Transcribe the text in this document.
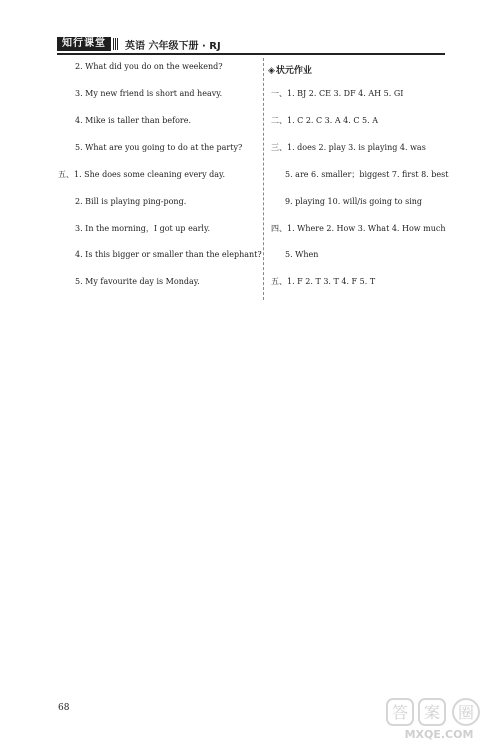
知行课堂	英语 六年级下册 · RJ
2. What did you do on the weekend?
3. My new friend is short and heavy.
4. Mike is taller than before.
5. What are you going to do at the party?
五、1. She does some cleaning every day.
2. Bill is playing ping-pong.
3. In the morning，I got up early.
4. Is this bigger or smaller than the elephant?
5. My favourite day is Monday.
◈状元作业
一、1. BJ 2. CE 3. DF 4. AH 5. GI
二、1. C 2. C 3. A 4. C 5. A
三、1. does 2. play 3. is playing 4. was
5. are 6. smaller；biggest 7. first 8. best
9. playing 10. will/is going to sing
四、1. Where 2. How 3. What 4. How much
5. When
五、1. F 2. T 3. T 4. F 5. T
68	答 案 圈
MXQE.COM
